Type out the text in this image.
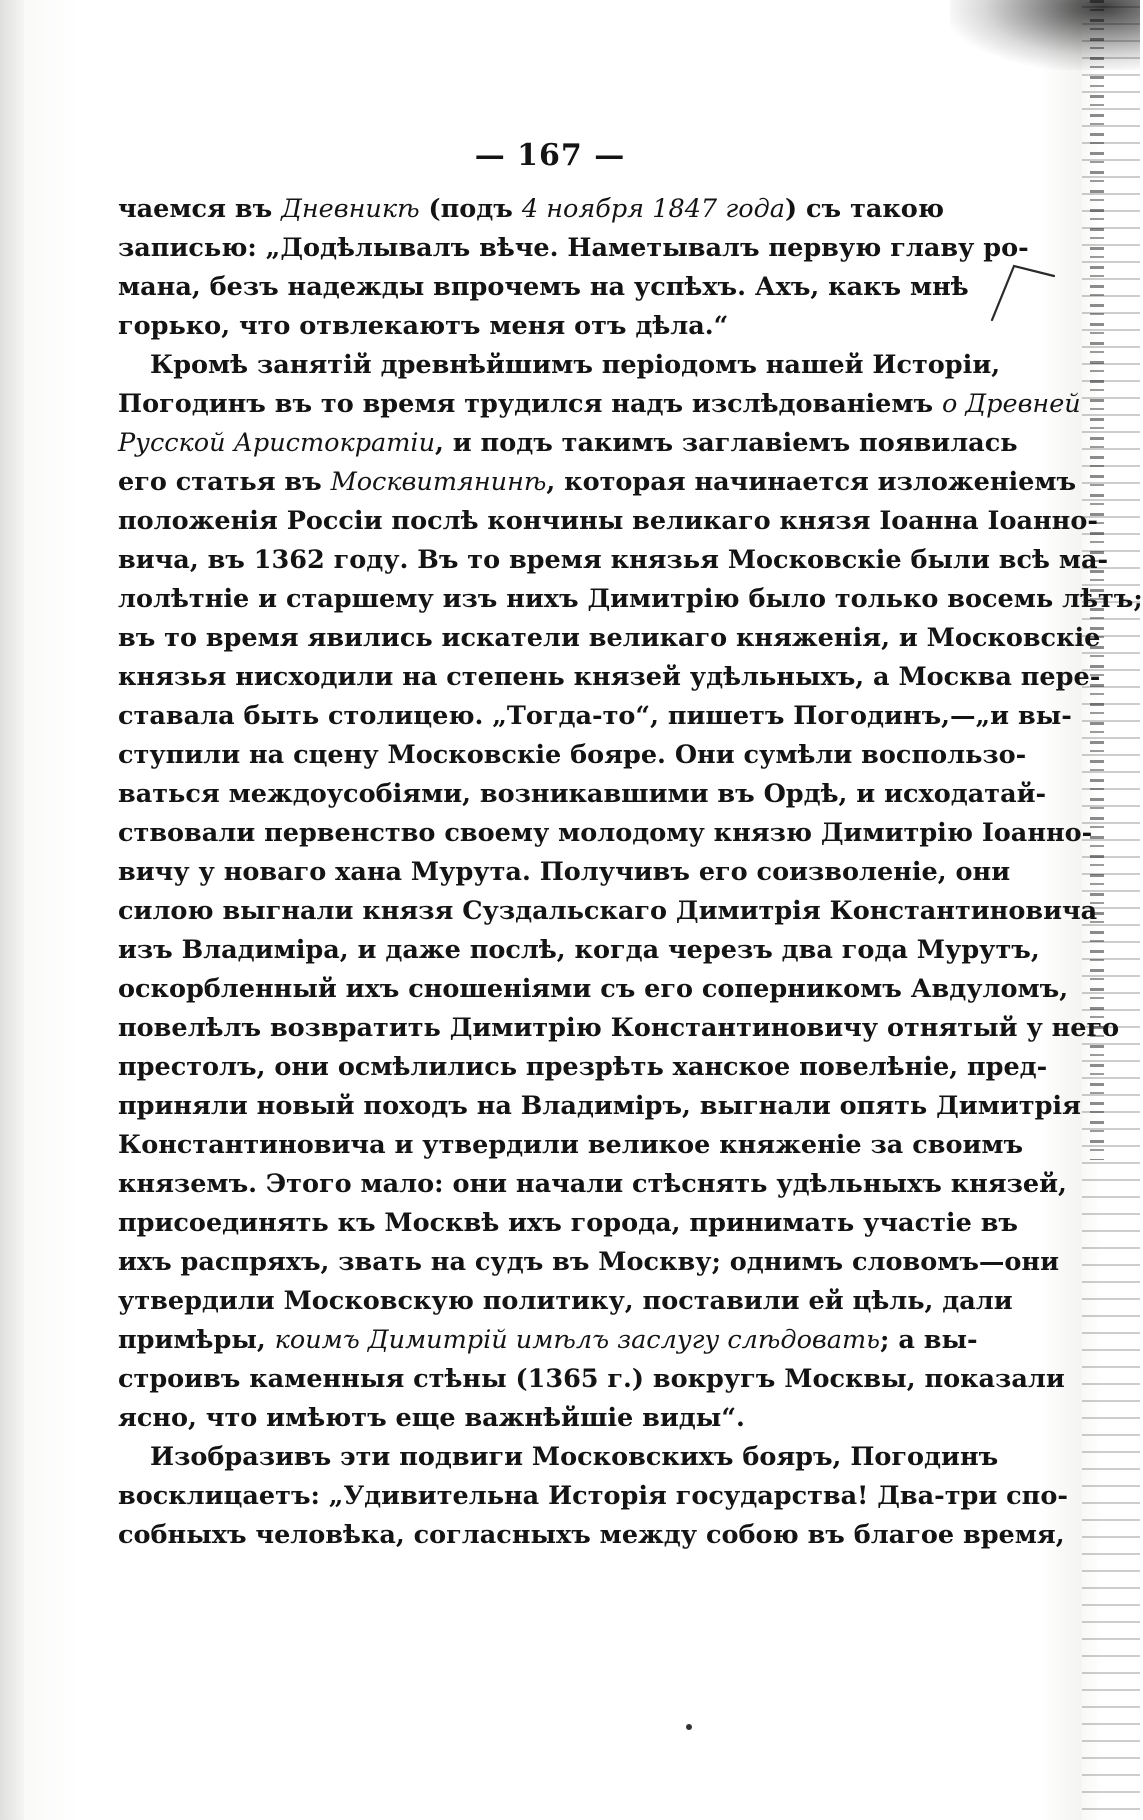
— 167 —
чаемся въ Дневникѣ (подъ 4 ноября 1847 года) съ такою
записью: „Додѣлывалъ вѣче. Наметывалъ первую главу ро-
мана, безъ надежды впрочемъ на успѣхъ. Ахъ, какъ мнѣ
горько, что отвлекаютъ меня отъ дѣла.“
Кромѣ занятій древнѣйшимъ періодомъ нашей Исторіи,
Погодинъ въ то время трудился надъ изслѣдованіемъ о Древней
Русской Аристократіи, и подъ такимъ заглавіемъ появилась
его статья въ Москвитянинѣ, которая начинается изложеніемъ
положенія Россіи послѣ кончины великаго князя Іоанна Іоанно-
вича, въ 1362 году. Въ то время князья Московскіе были всѣ ма-
лолѣтніе и старшему изъ нихъ Димитрію было только восемь лѣтъ;
въ то время явились искатели великаго княженія, и Московскіе
князья нисходили на степень князей удѣльныхъ, а Москва пере-
ставала быть столицею. „Тогда-то“, пишетъ Погодинъ,—„и вы-
ступили на сцену Московскіе бояре. Они сумѣли воспользо-
ваться междоусобіями, возникавшими въ Ордѣ, и исходатай-
ствовали первенство своему молодому князю Димитрію Іоанно-
вичу у новаго хана Мурута. Получивъ его соизволеніе, они
силою выгнали князя Суздальскаго Димитрія Константиновича
изъ Владиміра, и даже послѣ, когда черезъ два года Мурутъ,
оскорбленный ихъ сношеніями съ его соперникомъ Авдуломъ,
повелѣлъ возвратить Димитрію Константиновичу отнятый у него
престолъ, они осмѣлились презрѣть ханское повелѣніе, пред-
приняли новый походъ на Владиміръ, выгнали опять Димитрія
Константиновича и утвердили великое княженіе за своимъ
княземъ. Этого мало: они начали стѣснять удѣльныхъ князей,
присоединять къ Москвѣ ихъ города, принимать участіе въ
ихъ распряхъ, звать на судъ въ Москву; однимъ словомъ—они
утвердили Московскую политику, поставили ей цѣль, дали
примѣры, коимъ Димитрій имѣлъ заслугу слѣдовать; а вы-
строивъ каменныя стѣны (1365 г.) вокругъ Москвы, показали
ясно, что имѣютъ еще важнѣйшіе виды“.
Изобразивъ эти подвиги Московскихъ бояръ, Погодинъ
восклицаетъ: „Удивительна Исторія государства! Два-три спо-
собныхъ человѣка, согласныхъ между собою въ благое время,
